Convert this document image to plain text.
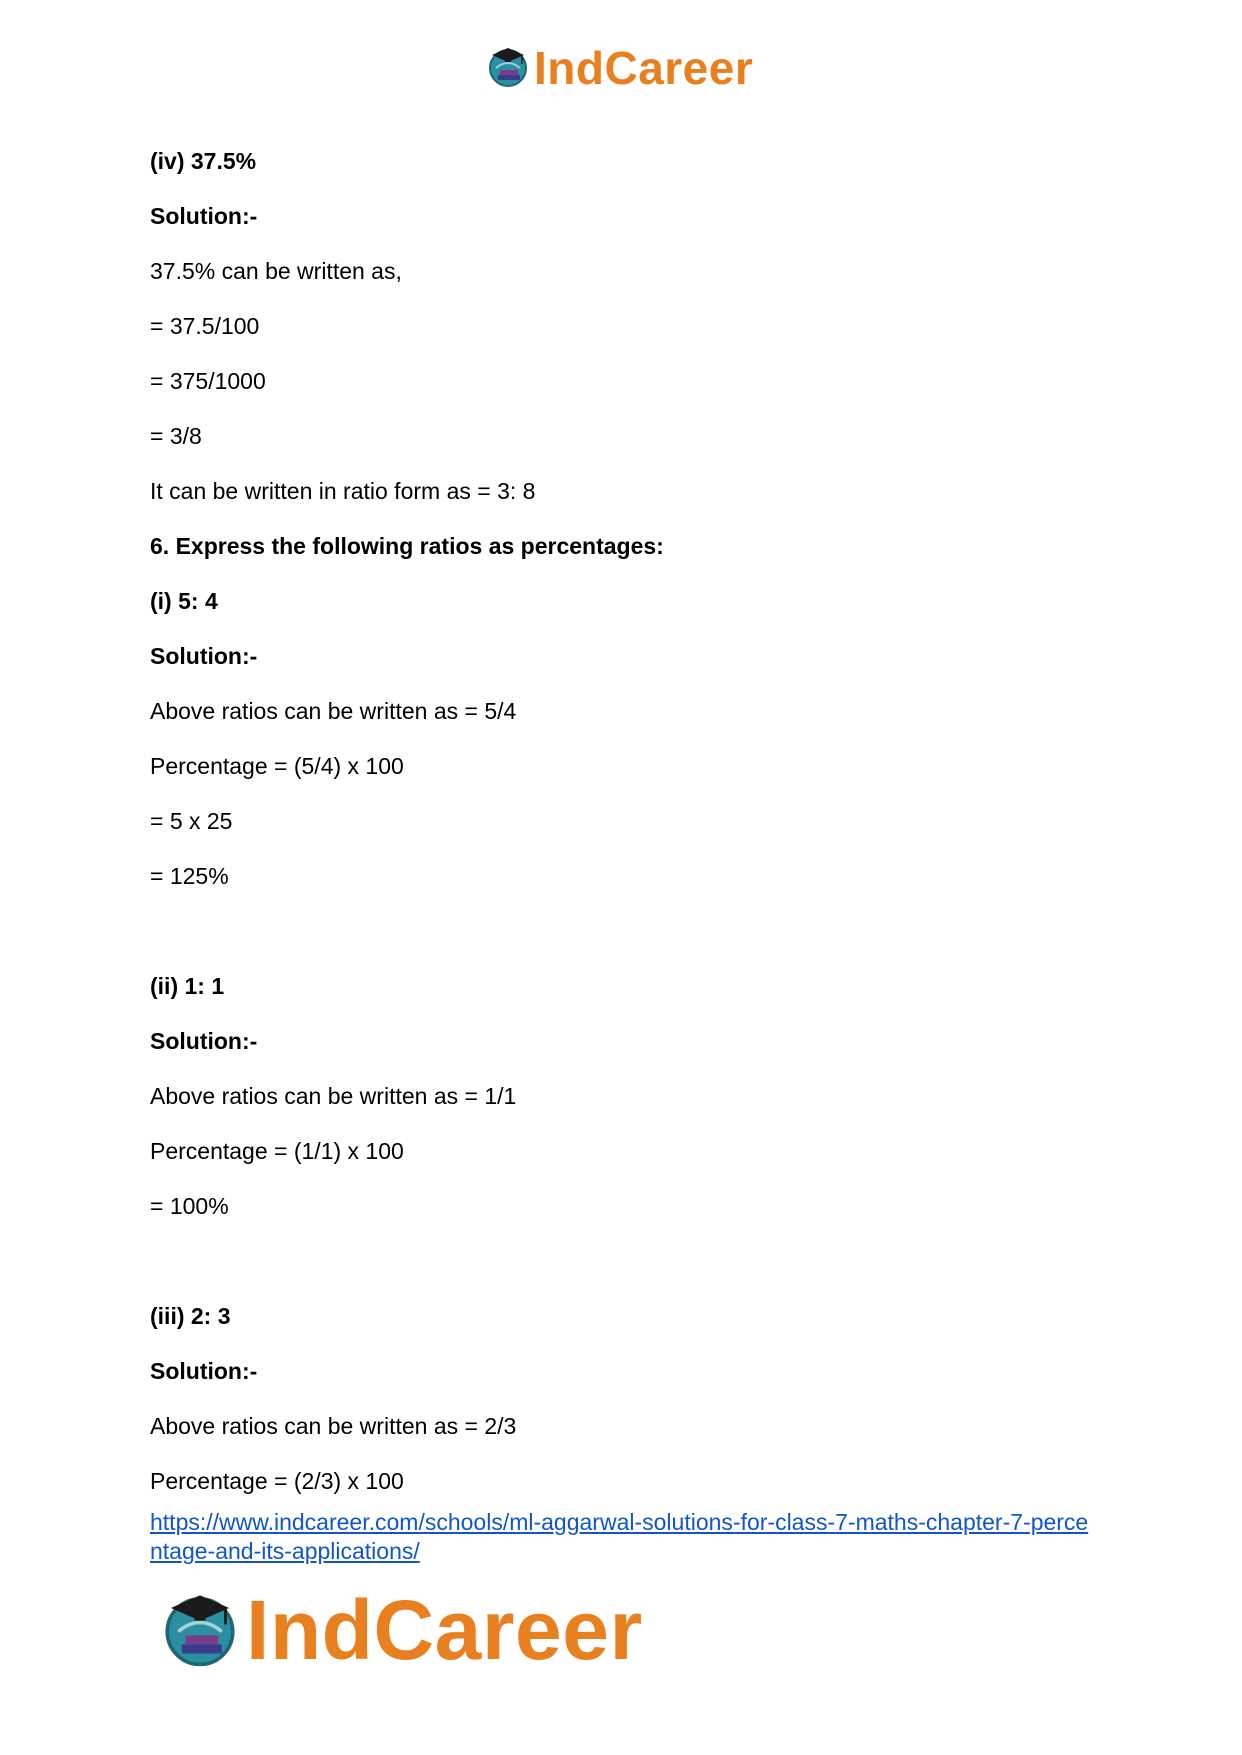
IndCareer
(iv) 37.5%
Solution:-
37.5% can be written as,
= 37.5/100
= 375/1000
= 3/8
It can be written in ratio form as = 3: 8
6. Express the following ratios as percentages:
(i) 5: 4
Solution:-
Above ratios can be written as = 5/4
Percentage = (5/4) x 100
= 5 x 25
= 125%
(ii) 1: 1
Solution:-
Above ratios can be written as = 1/1
Percentage = (1/1) x 100
= 100%
(iii) 2: 3
Solution:-
Above ratios can be written as = 2/3
Percentage = (2/3) x 100
https://www.indcareer.com/schools/ml-aggarwal-solutions-for-class-7-maths-chapter-7-percentage-and-its-applications/
IndCareer
